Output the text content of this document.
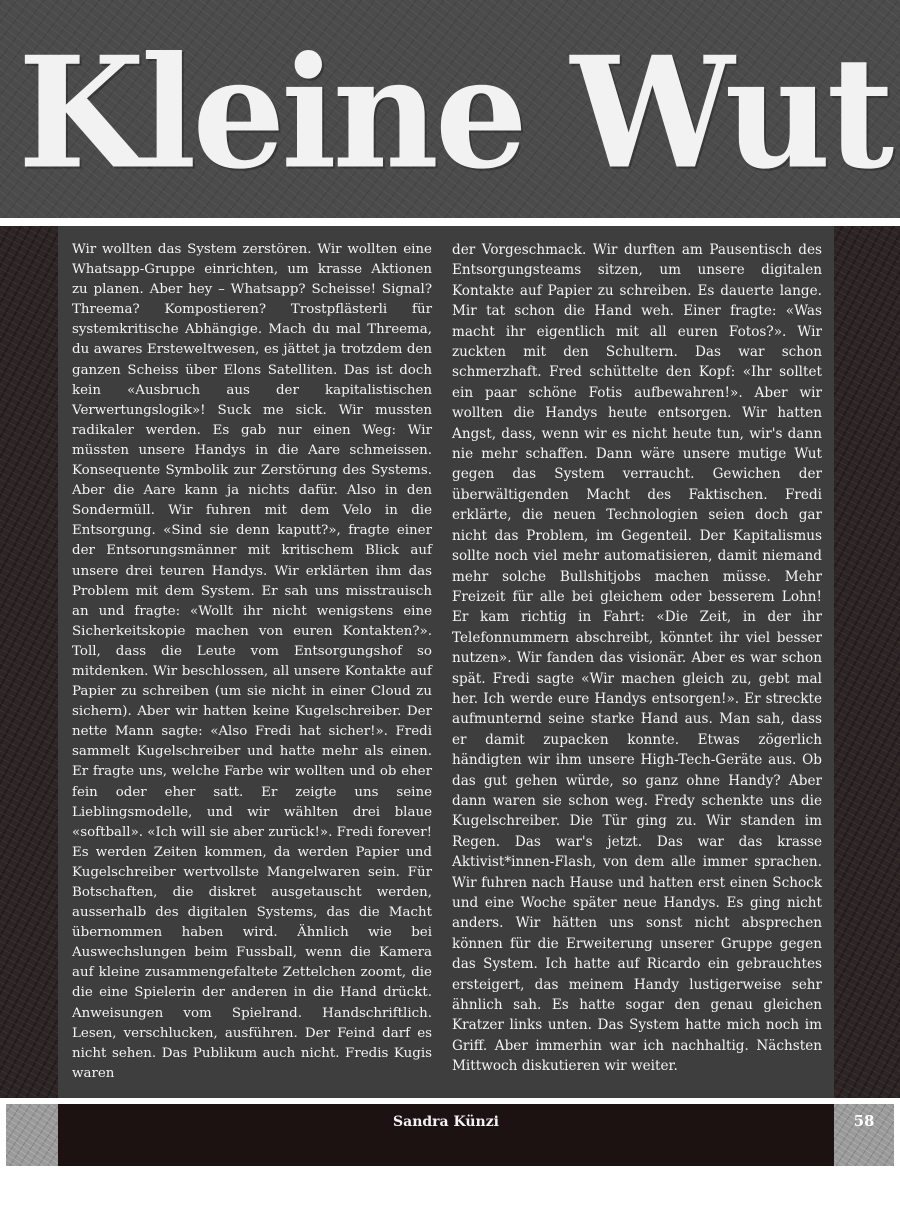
Kleine Wut
Wir wollten das System zerstören. Wir wollten eine Whatsapp-Gruppe einrichten, um krasse Aktionen zu planen. Aber hey – Whatsapp? Scheisse! Signal? Threema? Kompostieren? Trostpflästerli für systemkritische Abhängige. Mach du mal Threema, du awares Ersteweltwesen, es jättet ja trotzdem den ganzen Scheiss über Elons Satelliten. Das ist doch kein «Ausbruch aus der kapitalistischen Verwertungslogik»! Suck me sick. Wir mussten radikaler werden. Es gab nur einen Weg: Wir müssten unsere Handys in die Aare schmeissen. Konsequente Symbolik zur Zerstörung des Systems. Aber die Aare kann ja nichts dafür. Also in den Sondermüll. Wir fuhren mit dem Velo in die Entsorgung. «Sind sie denn kaputt?», fragte einer der Entsorungsmänner mit kritischem Blick auf unsere drei teuren Handys. Wir erklärten ihm das Problem mit dem System. Er sah uns misstrauisch an und fragte: «Wollt ihr nicht wenigstens eine Sicherkeitskopie machen von euren Kontakten?». Toll, dass die Leute vom Entsorgungshof so mitdenken. Wir beschlossen, all unsere Kontakte auf Papier zu schreiben (um sie nicht in einer Cloud zu sichern). Aber wir hatten keine Kugelschreiber. Der nette Mann sagte: «Also Fredi hat sicher!». Fredi sammelt Kugelschreiber und hatte mehr als einen. Er fragte uns, welche Farbe wir wollten und ob eher fein oder eher satt. Er zeigte uns seine Lieblingsmodelle, und wir wählten drei blaue «softball». «Ich will sie aber zurück!». Fredi forever! Es werden Zeiten kommen, da werden Papier und Kugelschreiber wertvollste Mangelwaren sein. Für Botschaften, die diskret ausgetauscht werden, ausserhalb des digitalen Systems, das die Macht übernommen haben wird. Ähnlich wie bei Auswechslungen beim Fussball, wenn die Kamera auf kleine zusammengefaltete Zettelchen zoomt, die die eine Spielerin der anderen in die Hand drückt. Anweisungen vom Spielrand. Handschriftlich. Lesen, verschlucken, ausführen. Der Feind darf es nicht sehen. Das Publikum auch nicht. Fredis Kugis waren
der Vorgeschmack. Wir durften am Pausentisch des Entsorgungsteams sitzen, um unsere digitalen Kontakte auf Papier zu schreiben. Es dauerte lange. Mir tat schon die Hand weh. Einer fragte: «Was macht ihr eigentlich mit all euren Fotos?». Wir zuckten mit den Schultern. Das war schon schmerzhaft. Fred schüttelte den Kopf: «Ihr solltet ein paar schöne Fotis aufbewahren!». Aber wir wollten die Handys heute entsorgen. Wir hatten Angst, dass, wenn wir es nicht heute tun, wir's dann nie mehr schaffen. Dann wäre unsere mutige Wut gegen das System verraucht. Gewichen der überwältigenden Macht des Faktischen. Fredi erklärte, die neuen Technologien seien doch gar nicht das Problem, im Gegenteil. Der Kapitalismus sollte noch viel mehr automatisieren, damit niemand mehr solche Bullshitjobs machen müsse. Mehr Freizeit für alle bei gleichem oder besserem Lohn! Er kam richtig in Fahrt: «Die Zeit, in der ihr Telefonnummern abschreibt, könntet ihr viel besser nutzen». Wir fanden das visionär. Aber es war schon spät. Fredi sagte «Wir machen gleich zu, gebt mal her. Ich werde eure Handys entsorgen!». Er streckte aufmunternd seine starke Hand aus. Man sah, dass er damit zupacken konnte. Etwas zögerlich händigten wir ihm unsere High-Tech-Geräte aus. Ob das gut gehen würde, so ganz ohne Handy? Aber dann waren sie schon weg. Fredy schenkte uns die Kugelschreiber. Die Tür ging zu. Wir standen im Regen. Das war's jetzt. Das war das krasse Aktivist*innen-Flash, von dem alle immer sprachen. Wir fuhren nach Hause und hatten erst einen Schock und eine Woche später neue Handys. Es ging nicht anders. Wir hätten uns sonst nicht absprechen können für die Erweiterung unserer Gruppe gegen das System. Ich hatte auf Ricardo ein gebrauchtes ersteigert, das meinem Handy lustigerweise sehr ähnlich sah. Es hatte sogar den genau gleichen Kratzer links unten. Das System hatte mich noch im Griff. Aber immerhin war ich nachhaltig. Nächsten Mittwoch diskutieren wir weiter.
Sandra Künzi	58
